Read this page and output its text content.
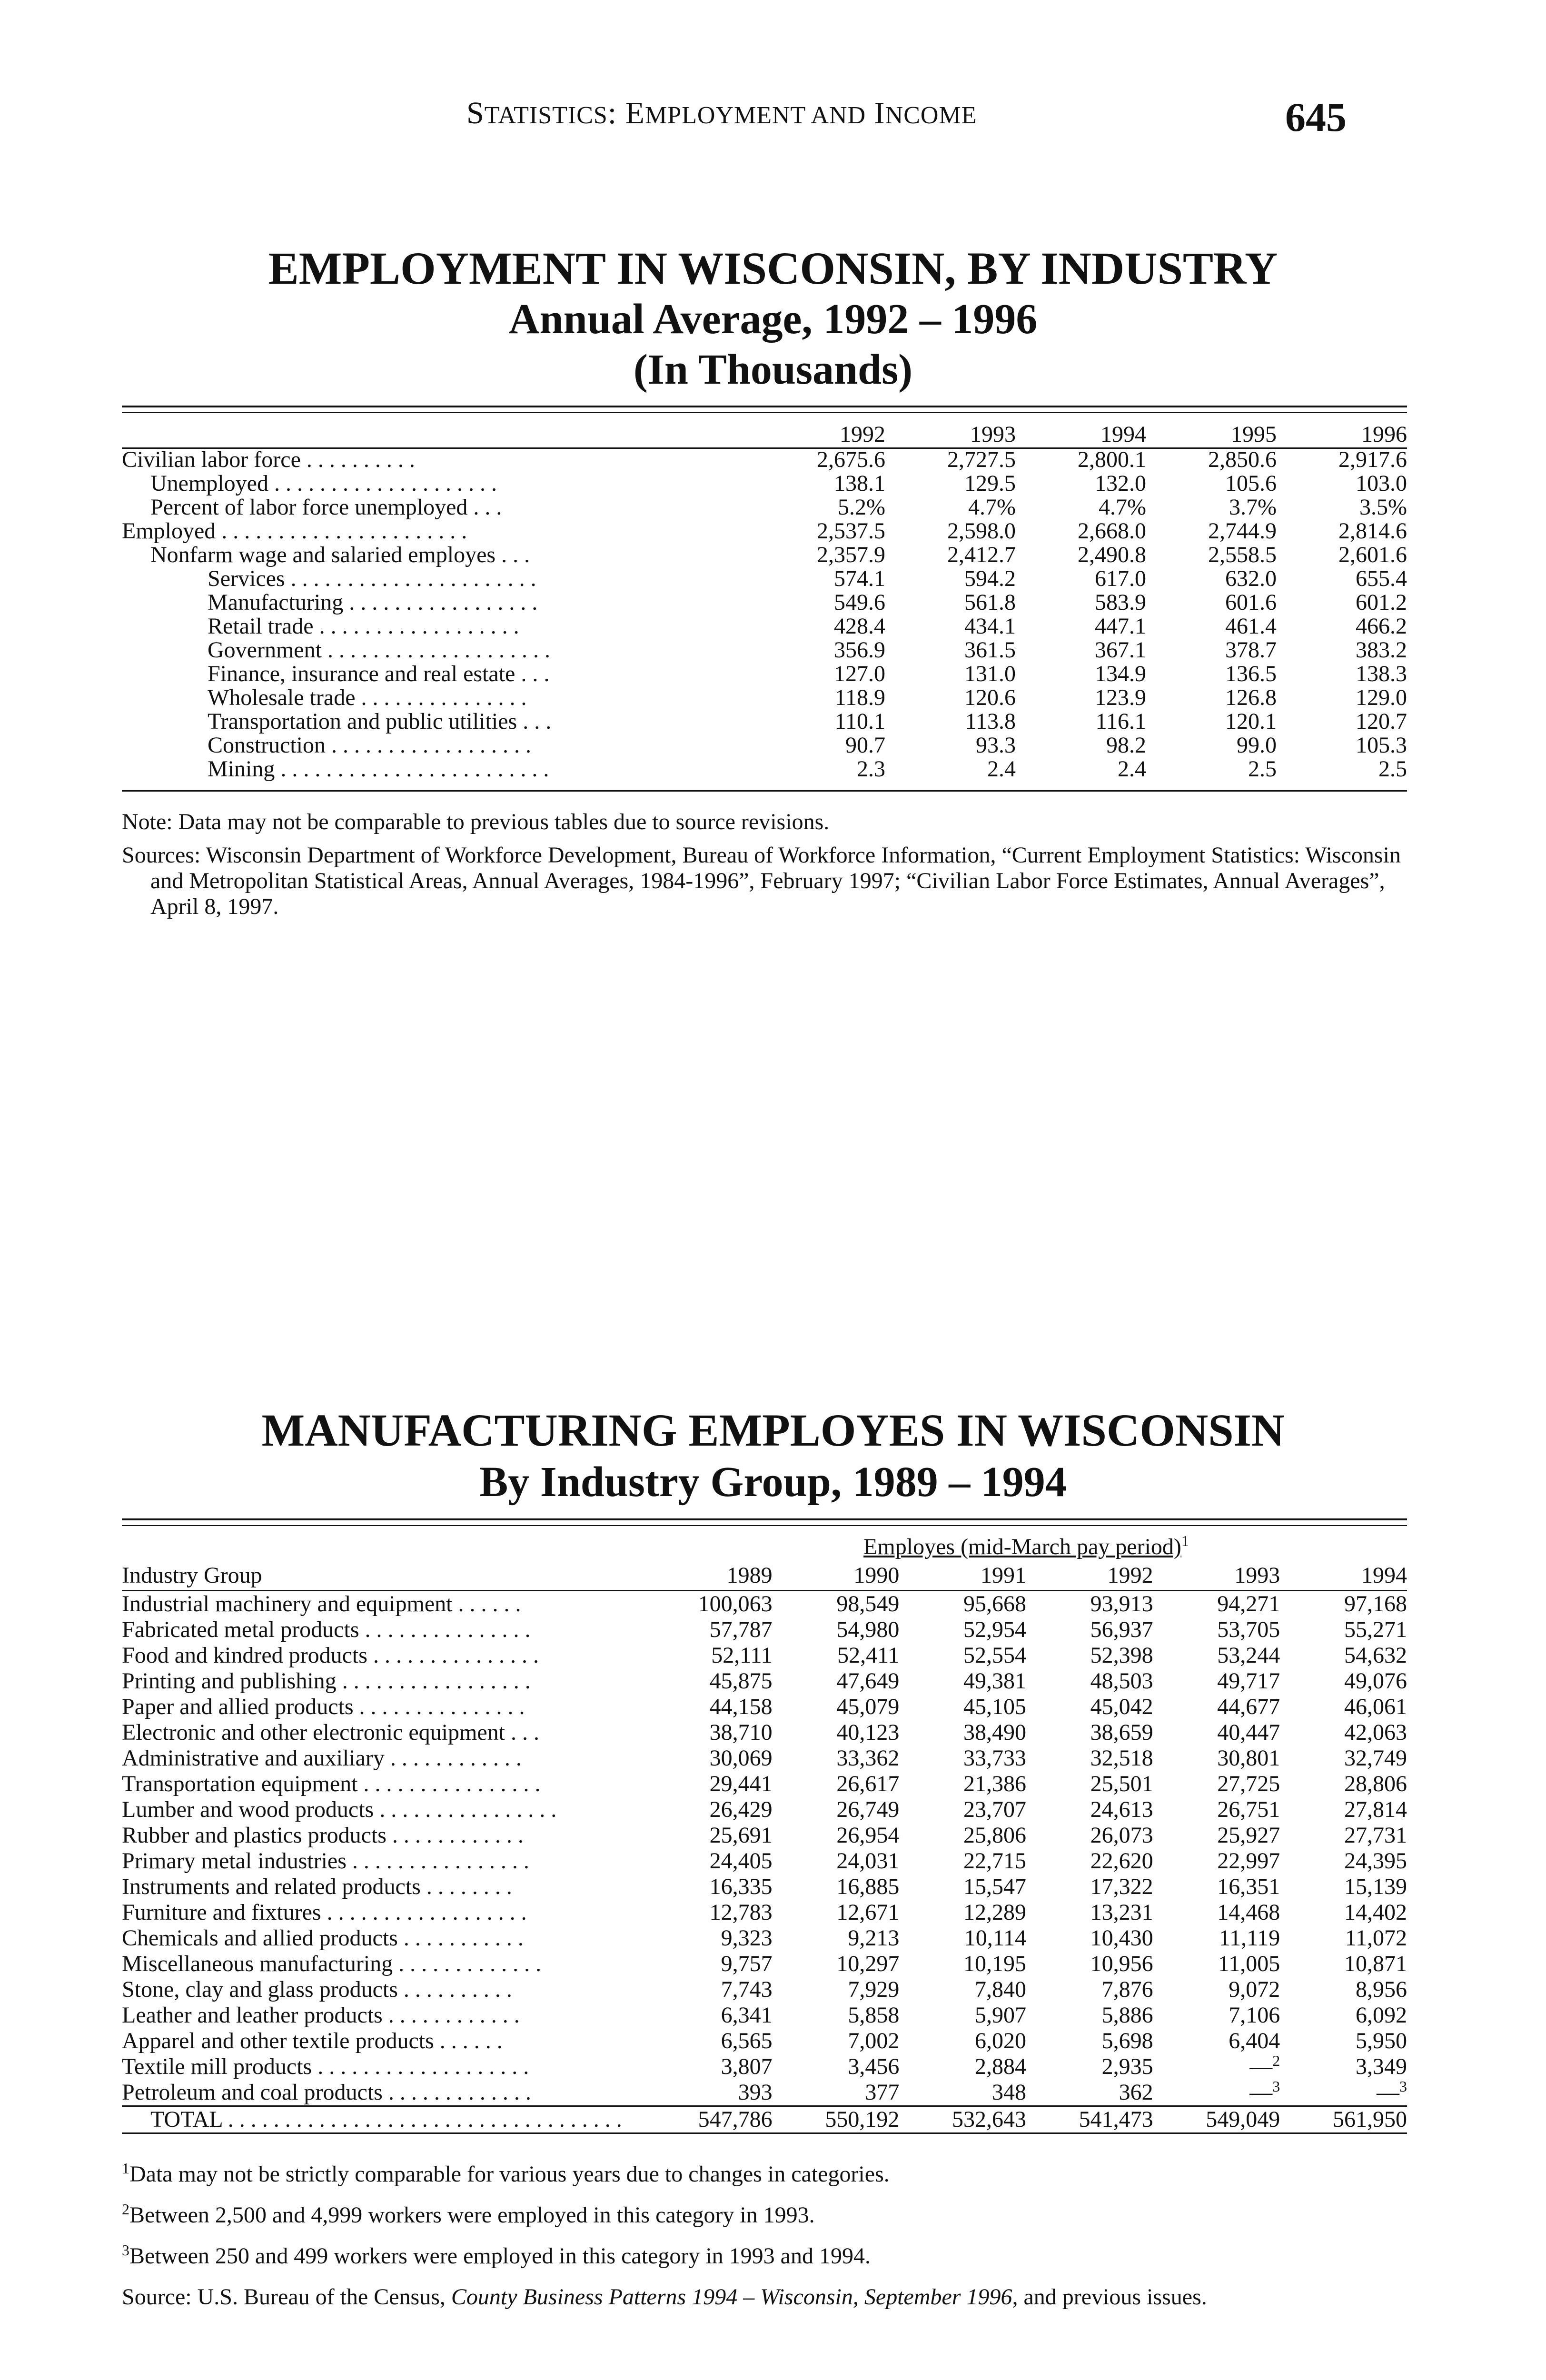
STATISTICS: EMPLOYMENT AND INCOME	645
EMPLOYMENT IN WISCONSIN, BY INDUSTRY
Annual Average, 1992 – 1996
(In Thousands)
	1992	1993	1994	1995	1996

Civilian labor force . . . . . . . . . .	2,675.6	2,727.5	2,800.1	2,850.6	2,917.6

Unemployed . . . . . . . . . . . . . . . . . . . .	138.1	129.5	132.0	105.6	103.0

Percent of labor force unemployed . . .	5.2%	4.7%	4.7%	3.7%	3.5%

Employed . . . . . . . . . . . . . . . . . . . . . .	2,537.5	2,598.0	2,668.0	2,744.9	2,814.6

Nonfarm wage and salaried employes . . .	2,357.9	2,412.7	2,490.8	2,558.5	2,601.6

Services . . . . . . . . . . . . . . . . . . . . . .	574.1	594.2	617.0	632.0	655.4

Manufacturing . . . . . . . . . . . . . . . . .	549.6	561.8	583.9	601.6	601.2

Retail trade . . . . . . . . . . . . . . . . . .	428.4	434.1	447.1	461.4	466.2

Government . . . . . . . . . . . . . . . . . . . .	356.9	361.5	367.1	378.7	383.2

Finance, insurance and real estate . . .	127.0	131.0	134.9	136.5	138.3

Wholesale trade . . . . . . . . . . . . . . .	118.9	120.6	123.9	126.8	129.0

Transportation and public utilities . . .	110.1	113.8	116.1	120.1	120.7

Construction . . . . . . . . . . . . . . . . . .	90.7	93.3	98.2	99.0	105.3

Mining . . . . . . . . . . . . . . . . . . . . . . . .	2.3	2.4	2.4	2.5	2.5
Note: Data may not be comparable to previous tables due to source revisions.
Sources: Wisconsin Department of Workforce Development, Bureau of Workforce Information, “Current Employment Statistics: Wisconsin and Metropolitan Statistical Areas, Annual Averages, 1984-1996”, February 1997; “Civilian Labor Force Estimates, Annual Averages”, April 8, 1997.
MANUFACTURING EMPLOYES IN WISCONSIN
By Industry Group, 1989 – 1994
	Employes (mid-March pay period)$^1$
Industry Group	1989	1990	1991	1992	1993	1994

Industrial machinery and equipment . . . . . .	100,063	98,549	95,668	93,913	94,271	97,168

Fabricated metal products . . . . . . . . . . . . . . .	57,787	54,980	52,954	56,937	53,705	55,271

Food and kindred products . . . . . . . . . . . . . . .	52,111	52,411	52,554	52,398	53,244	54,632

Printing and publishing . . . . . . . . . . . . . . . . .	45,875	47,649	49,381	48,503	49,717	49,076

Paper and allied products . . . . . . . . . . . . . . .	44,158	45,079	45,105	45,042	44,677	46,061

Electronic and other electronic equipment . . .	38,710	40,123	38,490	38,659	40,447	42,063

Administrative and auxiliary . . . . . . . . . . . .	30,069	33,362	33,733	32,518	30,801	32,749

Transportation equipment . . . . . . . . . . . . . . . .	29,441	26,617	21,386	25,501	27,725	28,806

Lumber and wood products . . . . . . . . . . . . . . . .	26,429	26,749	23,707	24,613	26,751	27,814

Rubber and plastics products . . . . . . . . . . . .	25,691	26,954	25,806	26,073	25,927	27,731

Primary metal industries . . . . . . . . . . . . . . . .	24,405	24,031	22,715	22,620	22,997	24,395

Instruments and related products . . . . . . . .	16,335	16,885	15,547	17,322	16,351	15,139

Furniture and fixtures . . . . . . . . . . . . . . . . . .	12,783	12,671	12,289	13,231	14,468	14,402

Chemicals and allied products . . . . . . . . . . .	9,323	9,213	10,114	10,430	11,119	11,072

Miscellaneous manufacturing . . . . . . . . . . . . .	9,757	10,297	10,195	10,956	11,005	10,871

Stone, clay and glass products . . . . . . . . . .	7,743	7,929	7,840	7,876	9,072	8,956

Leather and leather products . . . . . . . . . . . .	6,341	5,858	5,907	5,886	7,106	6,092

Apparel and other textile products . . . . . .	6,565	7,002	6,020	5,698	6,404	5,950

Textile mill products . . . . . . . . . . . . . . . . . . .	3,807	3,456	2,884	2,935	—$^2$	3,349

Petroleum and coal products . . . . . . . . . . . . .	393	377	348	362	—$^3$	—$^3$

TOTAL . . . . . . . . . . . . . . . . . . . . . . . . . . . . . . . . . . .	547,786	550,192	532,643	541,473	549,049	561,950
$^1$Data may not be strictly comparable for various years due to changes in categories.
$^2$Between 2,500 and 4,999 workers were employed in this category in 1993.
$^3$Between 250 and 499 workers were employed in this category in 1993 and 1994.
Source: U.S. Bureau of the Census, County Business Patterns 1994 – Wisconsin, September 1996, and previous issues.
